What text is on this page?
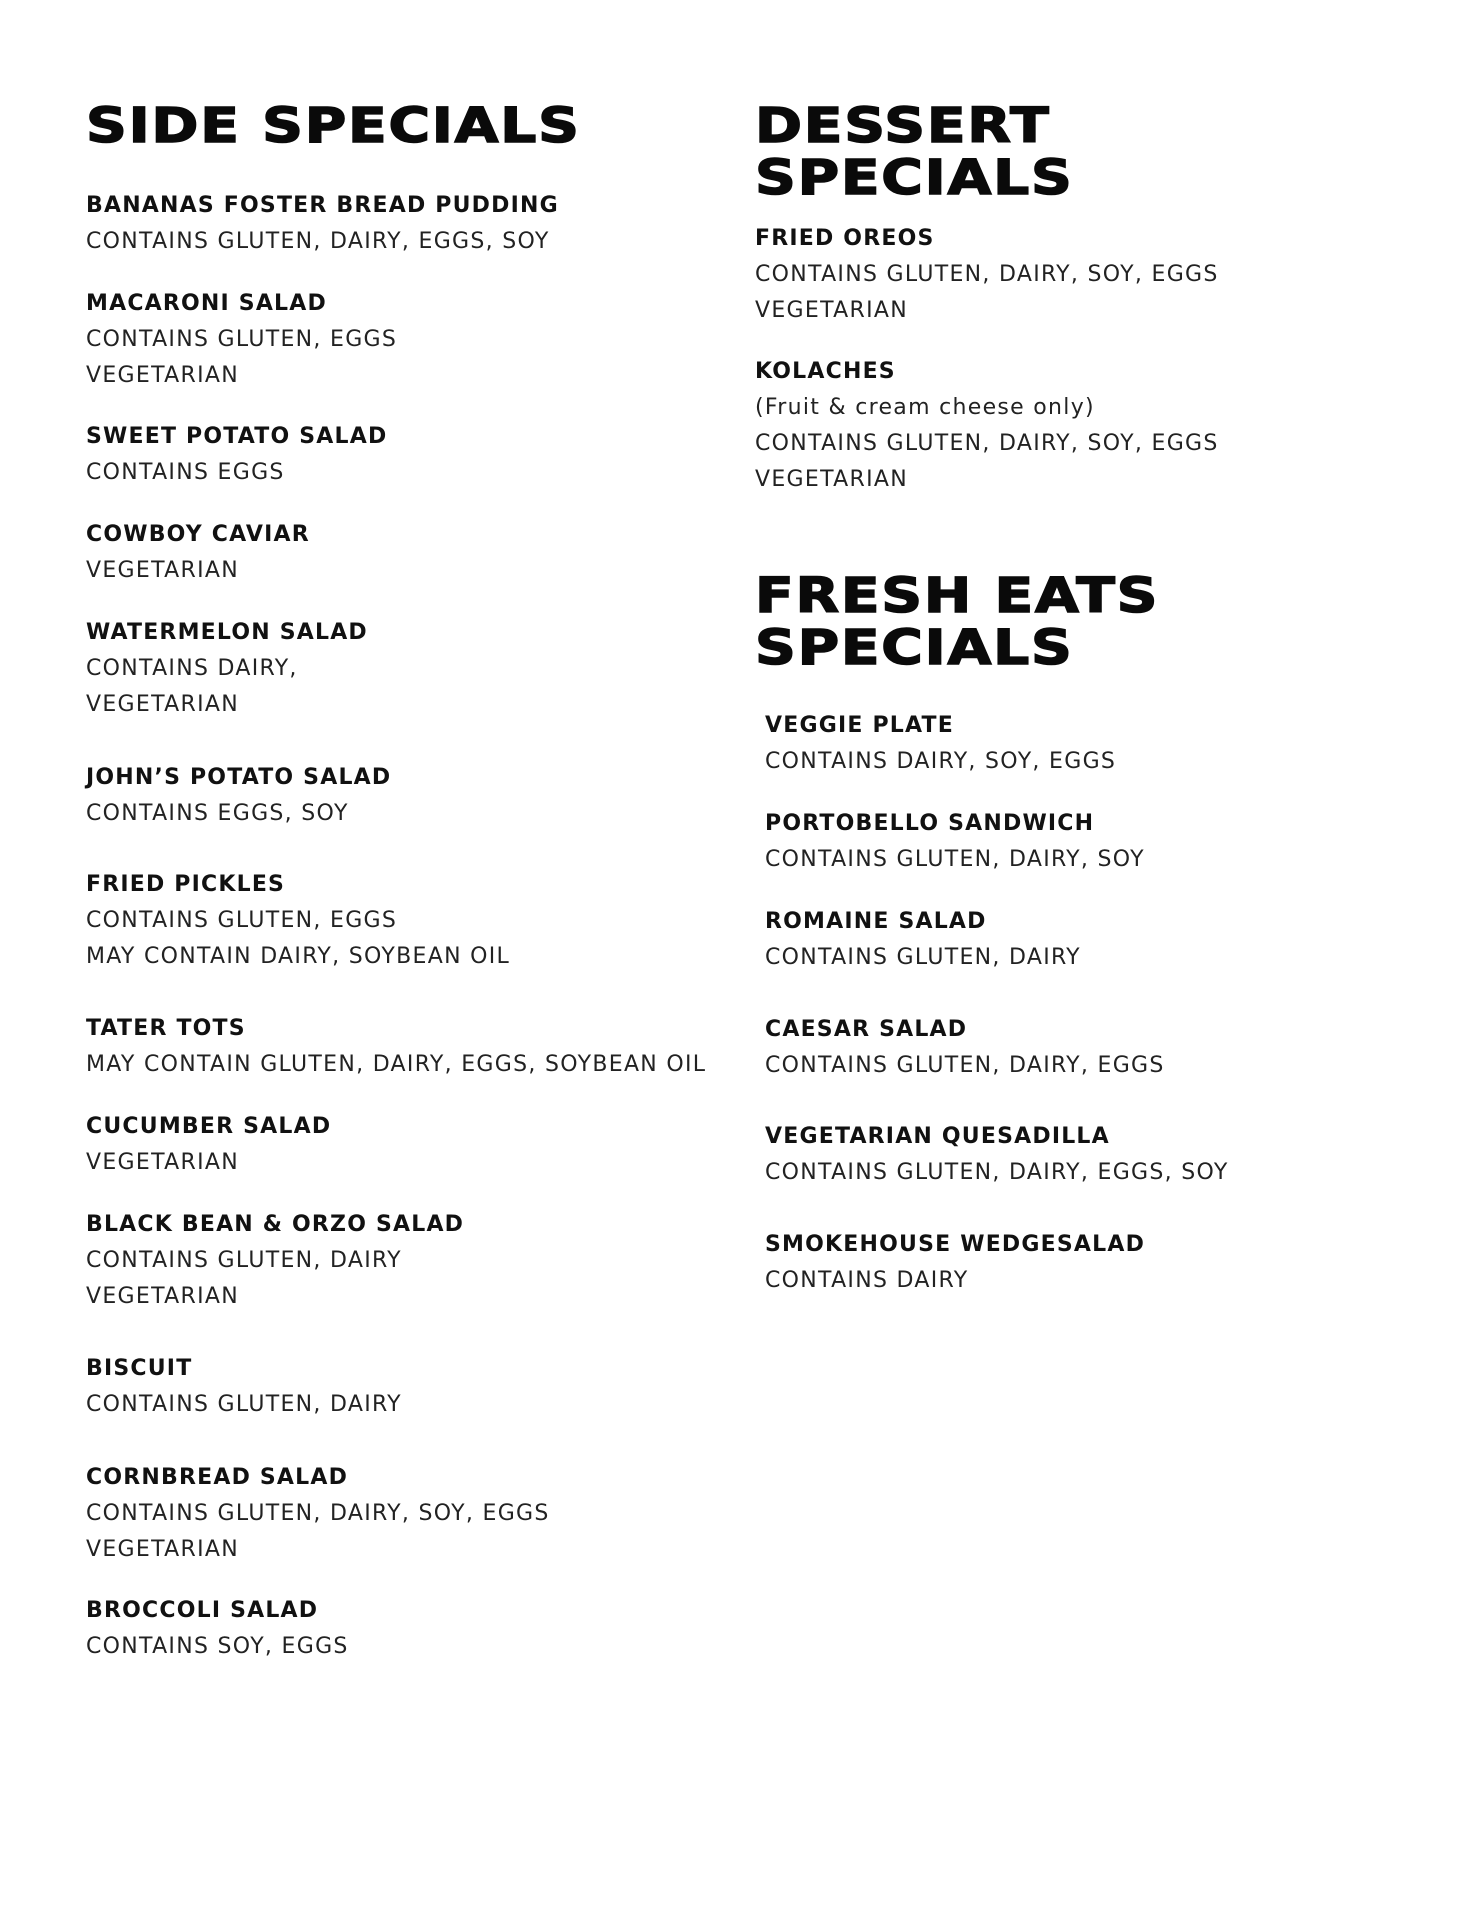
SIDE SPECIALS
BANANAS FOSTER BREAD PUDDING
CONTAINS GLUTEN, DAIRY, EGGS, SOY
MACARONI SALAD
CONTAINS GLUTEN, EGGS
VEGETARIAN
SWEET POTATO SALAD
CONTAINS EGGS
COWBOY CAVIAR
VEGETARIAN
WATERMELON SALAD
CONTAINS DAIRY,
VEGETARIAN
JOHN’S POTATO SALAD
CONTAINS EGGS, SOY
FRIED PICKLES
CONTAINS GLUTEN, EGGS
MAY CONTAIN DAIRY, SOYBEAN OIL
TATER TOTS
MAY CONTAIN GLUTEN, DAIRY, EGGS, SOYBEAN OIL
CUCUMBER SALAD
VEGETARIAN
BLACK BEAN & ORZO SALAD
CONTAINS GLUTEN, DAIRY
VEGETARIAN
BISCUIT
CONTAINS GLUTEN, DAIRY
CORNBREAD SALAD
CONTAINS GLUTEN, DAIRY, SOY, EGGS
VEGETARIAN
BROCCOLI SALAD
CONTAINS SOY, EGGS
DESSERT
SPECIALS
FRIED OREOS
CONTAINS GLUTEN, DAIRY, SOY, EGGS
VEGETARIAN
KOLACHES
(Fruit & cream cheese only)
CONTAINS GLUTEN, DAIRY, SOY, EGGS
VEGETARIAN
FRESH EATS
SPECIALS
VEGGIE PLATE
CONTAINS DAIRY, SOY, EGGS
PORTOBELLO SANDWICH
CONTAINS GLUTEN, DAIRY, SOY
ROMAINE SALAD
CONTAINS GLUTEN, DAIRY
CAESAR SALAD
CONTAINS GLUTEN, DAIRY, EGGS
VEGETARIAN QUESADILLA
CONTAINS GLUTEN, DAIRY, EGGS, SOY
SMOKEHOUSE WEDGESALAD
CONTAINS DAIRY
